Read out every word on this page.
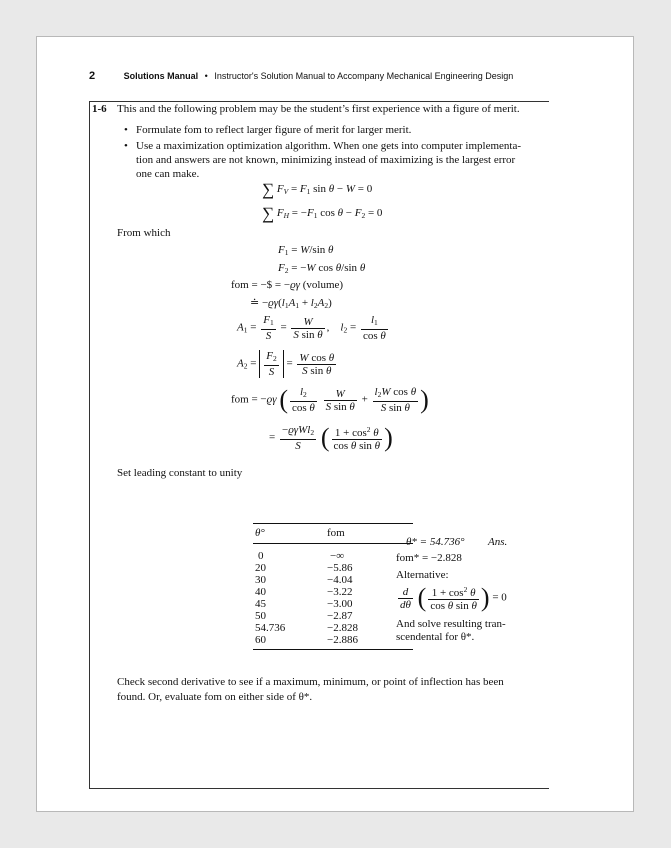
2	Solutions Manual • Instructor's Solution Manual to Accompany Mechanical Engineering Design
1-6 This and the following problem may be the student’s first experience with a figure of merit.
• Formulate fom to reflect larger figure of merit for larger merit.
• Use a maximization optimization algorithm. When one gets into computer implementa-
tion and answers are not known, minimizing instead of maximizing is the largest error
one can make.
∑ $F_V = F_1$ sin θ − W = 0
∑ $F_H = -F_1$ $\cos \theta - F_2 = 0$
From which
$F_1 = W/\sin$ θ
$F_2 = -W$ cos θ/sin θ
fom = −$ = −ϱγ (volume)
≐ $-ϱ\gamma(l_1A_1 + l_2A_2)$
$A_1 = \frac{F_1}{S} = \frac{W}{\text{S sin θ}}$ ,    $l_2 = \frac{l_1}{\text{cos θ}}$
$A_2 = \frac{F_2}{S} = \frac{\text{W cos θ}}{\text{S sin θ}}$
fom = −ϱγ ( $\frac{l_2}{\text{cos θ}}$
$\frac{W}{\text{S sin θ}} + \frac{l_2W \cos \theta}{\text{S sin θ}}$ )
= $\frac{-ϱ\gamma Wl_2}{S}$ ( $\frac{1 + \cos^2 \theta}{\text{cos θ sin θ}}$ )
Set leading constant to unity
θ°	fom
0	−∞
20	−5.86
30	−4.04
40	−3.22
45	−3.00
50	−2.87
54.736	−2.828
60	−2.886
θ* = 54.736° Ans.
fom* = −2.828
Alternative:
$\frac{d}{d\theta}$ ( $\frac{1 + \cos^2 \theta}{\text{cos θ sin θ}}$ ) = 0
And solve resulting tran-
scendental for θ*.
Check second derivative to see if a maximum, minimum, or point of inflection has been
found. Or, evaluate fom on either side of θ*.
